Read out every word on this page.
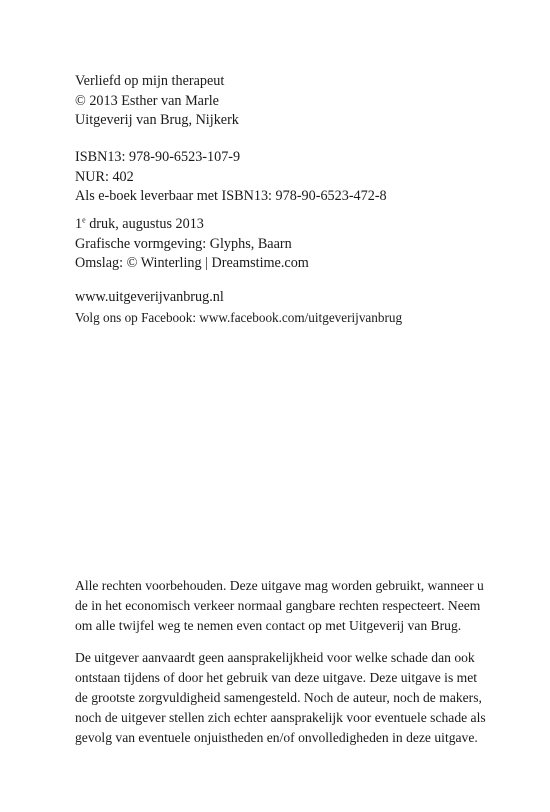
Verliefd op mijn therapeut
© 2013 Esther van Marle
Uitgeverij van Brug, Nijkerk
ISBN13: 978-90-6523-107-9
NUR: 402
Als e-boek leverbaar met ISBN13: 978-90-6523-472-8
1e druk, augustus 2013
Grafische vormgeving: Glyphs, Baarn
Omslag: © Winterling | Dreamstime.com
www.uitgeverijvanbrug.nl
Volg ons op Facebook: www.facebook.com/uitgeverijvanbrug
Alle rechten voorbehouden. Deze uitgave mag worden gebruikt, wanneer u
de in het economisch verkeer normaal gangbare rechten respecteert. Neem
om alle twijfel weg te nemen even contact op met Uitgeverij van Brug.
De uitgever aanvaardt geen aansprakelijkheid voor welke schade dan ook
ontstaan tijdens of door het gebruik van deze uitgave. Deze uitgave is met
de grootste zorgvuldigheid samengesteld. Noch de auteur, noch de makers,
noch de uitgever stellen zich echter aansprakelijk voor eventuele schade als
gevolg van eventuele onjuistheden en/of onvolledigheden in deze uitgave.
